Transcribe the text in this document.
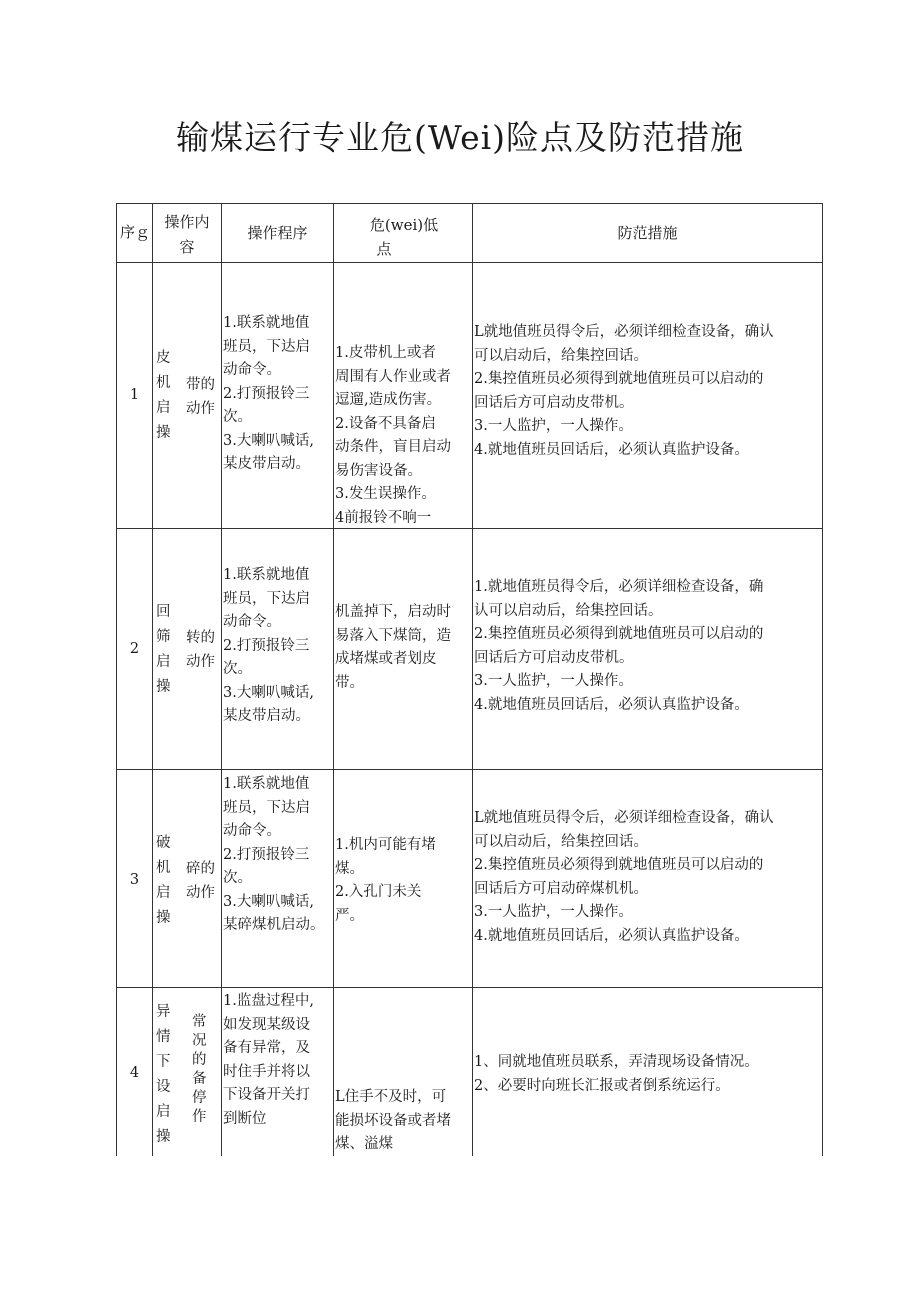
输煤运行专业危(Wei)险点及防范措施
序ｇ
操作内
容
操作程序	危(wei)低
点
防范措施
1
皮
机
启
操
带的
动作
1.联系就地值
班员，下达启
动命令。
2.打预报铃三
次。
3.大喇叭喊话,
某皮带启动。
1.皮带机上或者
周围有人作业或者
逗遛,造成伤害。
2.设备不具备启
动条件，盲目启动
易伤害设备。
3.发生误操作。
4前报铃不响一
L就地值班员得令后，必须详细检查设备，确认
可以启动后，给集控回话。
2.集控值班员必须得到就地值班员可以启动的
回话后方可启动皮带机。
3.一人监护，一人操作。
4.就地值班员回话后，必须认真监护设备。
2
回
筛
启
操
转的
动作
1.联系就地值
班员，下达启
动命令。
2.打预报铃三
次。
3.大喇叭喊话,
某皮带启动。
机盖掉下，启动时
易落入下煤筒，造
成堵煤或者划皮
带。
1.就地值班员得令后，必须详细检查设备，确
认可以启动后，给集控回话。
2.集控值班员必须得到就地值班员可以启动的
回话后方可启动皮带机。
3.一人监护，一人操作。
4.就地值班员回话后，必须认真监护设备。
3
破
机
启
操
碎的
动作
1.联系就地值
班员，下达启
动命令。
2.打预报铃三
次。
3.大喇叭喊话,
某碎煤机启动。
1.机内可能有堵
煤。
2.入孔门未关
严。
L就地值班员得令后，必须详细检查设备，确认
可以启动后，给集控回话。
2.集控值班员必须得到就地值班员可以启动的
回话后方可启动碎煤机机。
3.一人监护，一人操作。
4.就地值班员回话后，必须认真监护设备。
4
异
情
下
设
启
操
常
况
的
备
停
作
1.监盘过程中,
如发现某级设
备有异常，及
时住手并将以
下设备开关打
到断位
L住手不及时，可
能损坏设备或者堵
煤、溢煤
1、同就地值班员联系，弄清现场设备情况。
2、必要时向班长汇报或者倒系统运行。
